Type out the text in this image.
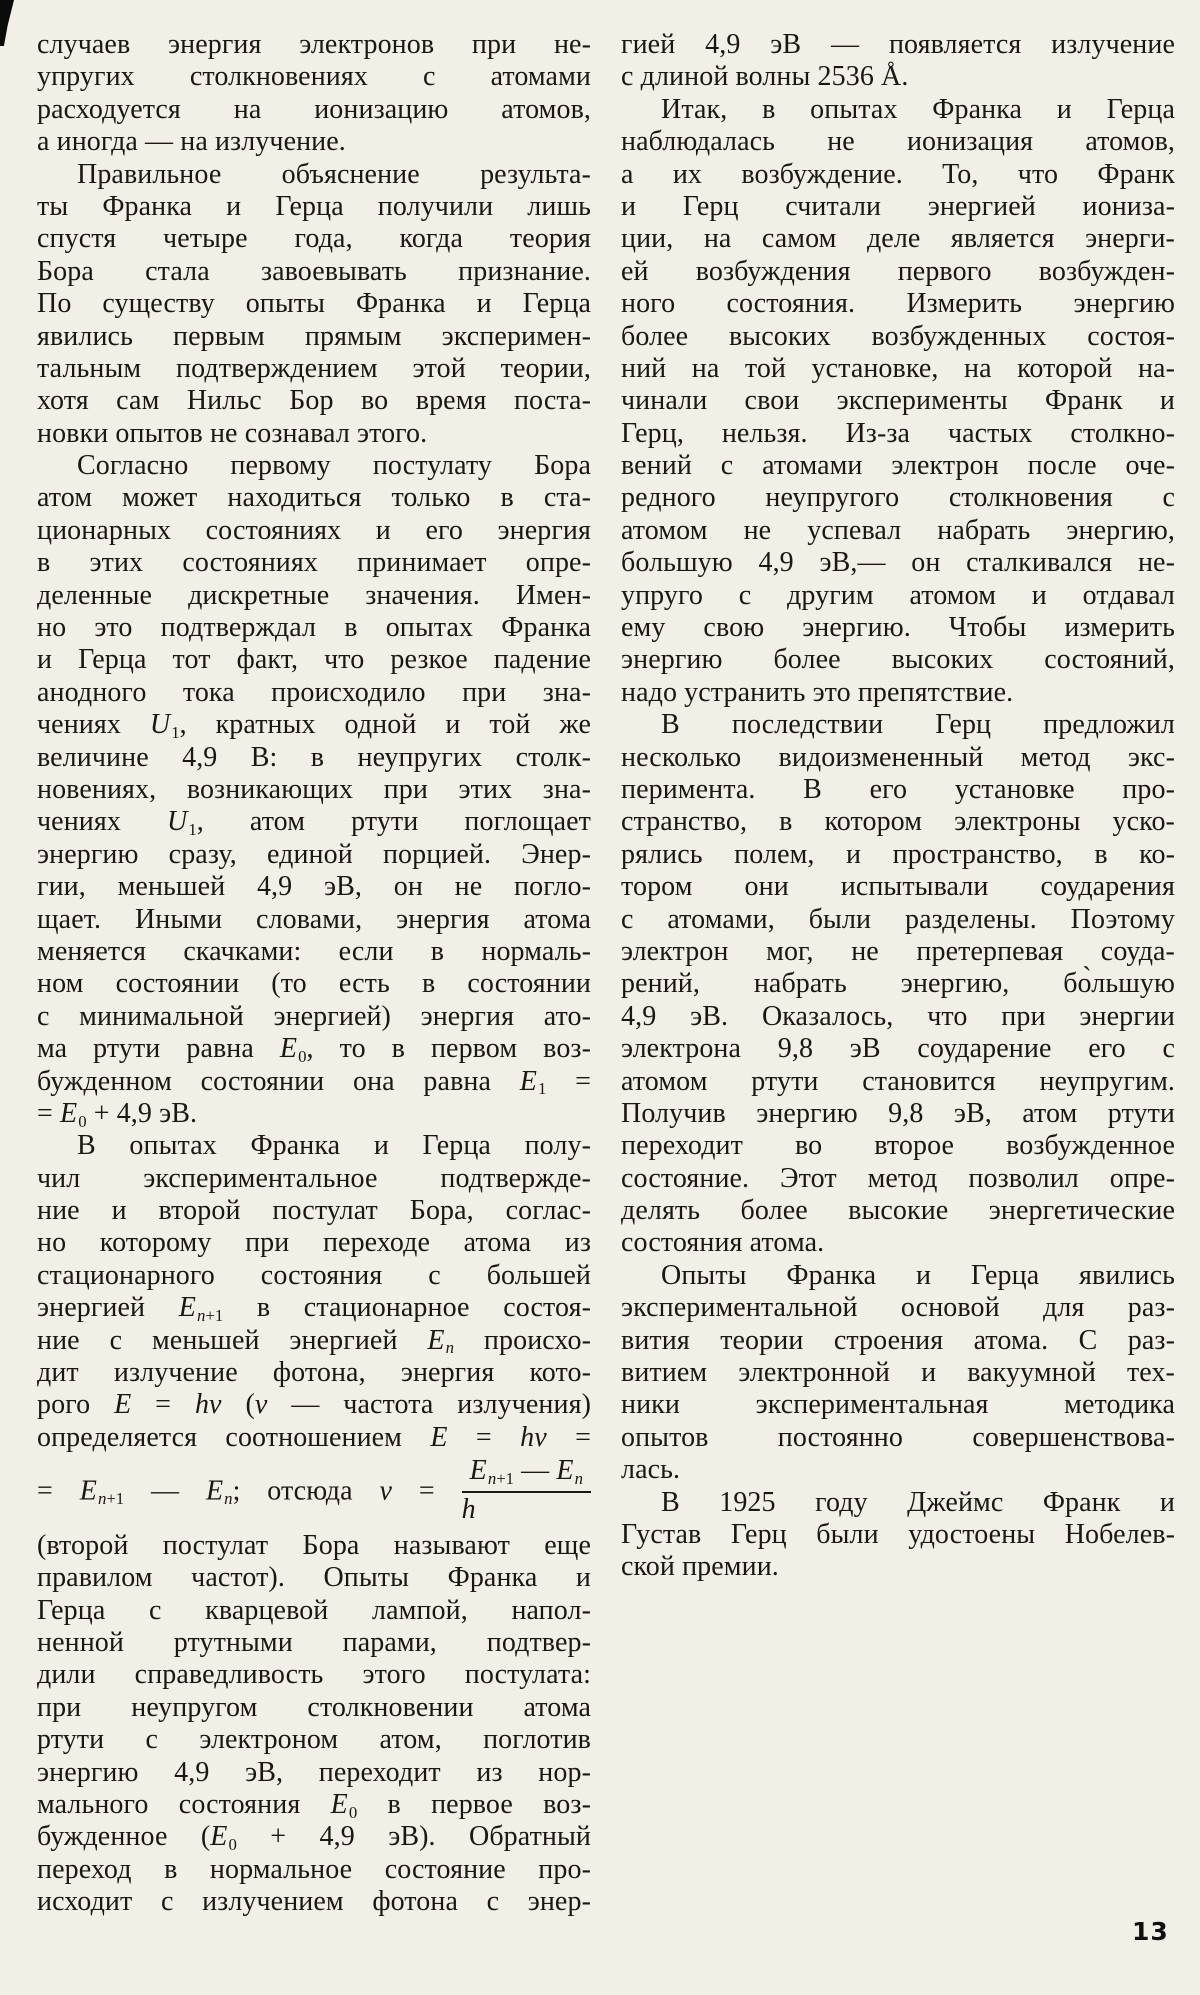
случаев энергия электронов при не-
упругих столкновениях с атомами
расходуется на ионизацию атомов,
а иногда — на излучение.
Правильное объяснение результа-
ты Франка и Герца получили лишь
спустя четыре года, когда теория
Бора стала завоевывать признание.
По существу опыты Франка и Герца
явились первым прямым эксперимен-
тальным подтверждением этой теории,
хотя сам Нильс Бор во время поста-
новки опытов не сознавал этого.
Согласно первому постулату Бора
атом может находиться только в ста-
ционарных состояниях и его энергия
в этих состояниях принимает опре-
деленные дискретные значения. Имен-
но это подтверждал в опытах Франка
и Герца тот факт, что резкое падение
анодного тока происходило при зна-
чениях $U_1$, кратных одной и той же
величине 4,9 В: в неупругих столк-
новениях, возникающих при этих зна-
чениях $U_1$, атом ртути поглощает
энергию сразу, единой порцией. Энер-
гии, меньшей 4,9 эВ, он не погло-
щает. Иными словами, энергия атома
меняется скачками: если в нормаль-
ном состоянии (то есть в состоянии
с минимальной энергией) энергия ато-
ма ртути равна $E_0$, то в первом воз-
бужденном состоянии она равна $E_1$ =
= $E_0 + 4,9$ эВ.
В опытах Франка и Герца полу-
чил экспериментальное подтвержде-
ние и второй постулат Бора, соглас-
но которому при переходе атома из
стационарного состояния с большей
энергией $E_{n+1}$ в стационарное состоя-
ние с меньшей энергией $E_n$ происхо-
дит излучение фотона, энергия кото-
рого E = hν (ν — частота излучения)
определяется соотношением E = hν =
= $E_{n+1}$ — $E_n$; отсюда $\nu = \frac{E_{n+1} — E_n}{h}$
(второй постулат Бора называют еще
правилом частот). Опыты Франка и
Герца с кварцевой лампой, напол-
ненной ртутными парами, подтвер-
дили справедливость этого постулата:
при неупругом столкновении атома
ртути с электроном атом, поглотив
энергию 4,9 эВ, переходит из нор-
мального состояния $E_0$ в первое воз-
бужденное ($E_0 + 4,9$ эВ). Обратный
переход в нормальное состояние про-
исходит с излучением фотона с энер-
гией 4,9 эВ — появляется излучение
с длиной волны 2536 Å.
Итак, в опытах Франка и Герца
наблюдалась не ионизация атомов,
а их возбуждение. То, что Франк
и Герц считали энергией иониза-
ции, на самом деле является энерги-
ей возбуждения первого возбужден-
ного состояния. Измерить энергию
более высоких возбужденных состоя-
ний на той установке, на которой на-
чинали свои эксперименты Франк и
Герц, нельзя. Из-за частых столкно-
вений с атомами электрон после оче-
редного неупругого столкновения с
атомом не успевал набрать энергию,
большую 4,9 эВ,— он сталкивался не-
упруго с другим атомом и отдавал
ему свою энергию. Чтобы измерить
энергию более высоких состояний,
надо устранить это препятствие.
В последствии Герц предложил
несколько видоизмененный метод экс-
перимента. В его установке про-
странство, в котором электроны уско-
рялись полем, и пространство, в ко-
тором они испытывали соударения
с атомами, были разделены. Поэтому
электрон мог, не претерпевая соуда-
рений, набрать энергию, бо̀льшую
4,9 эВ. Оказалось, что при энергии
электрона 9,8 эВ соударение его с
атомом ртути становится неупругим.
Получив энергию 9,8 эВ, атом ртути
переходит во второе возбужденное
состояние. Этот метод позволил опре-
делять более высокие энергетические
состояния атома.
Опыты Франка и Герца явились
экспериментальной основой для раз-
вития теории строения атома. С раз-
витием электронной и вакуумной тех-
ники экспериментальная методика
опытов постоянно совершенствова-
лась.
В 1925 году Джеймс Франк и
Густав Герц были удостоены Нобелев-
ской премии.
13
